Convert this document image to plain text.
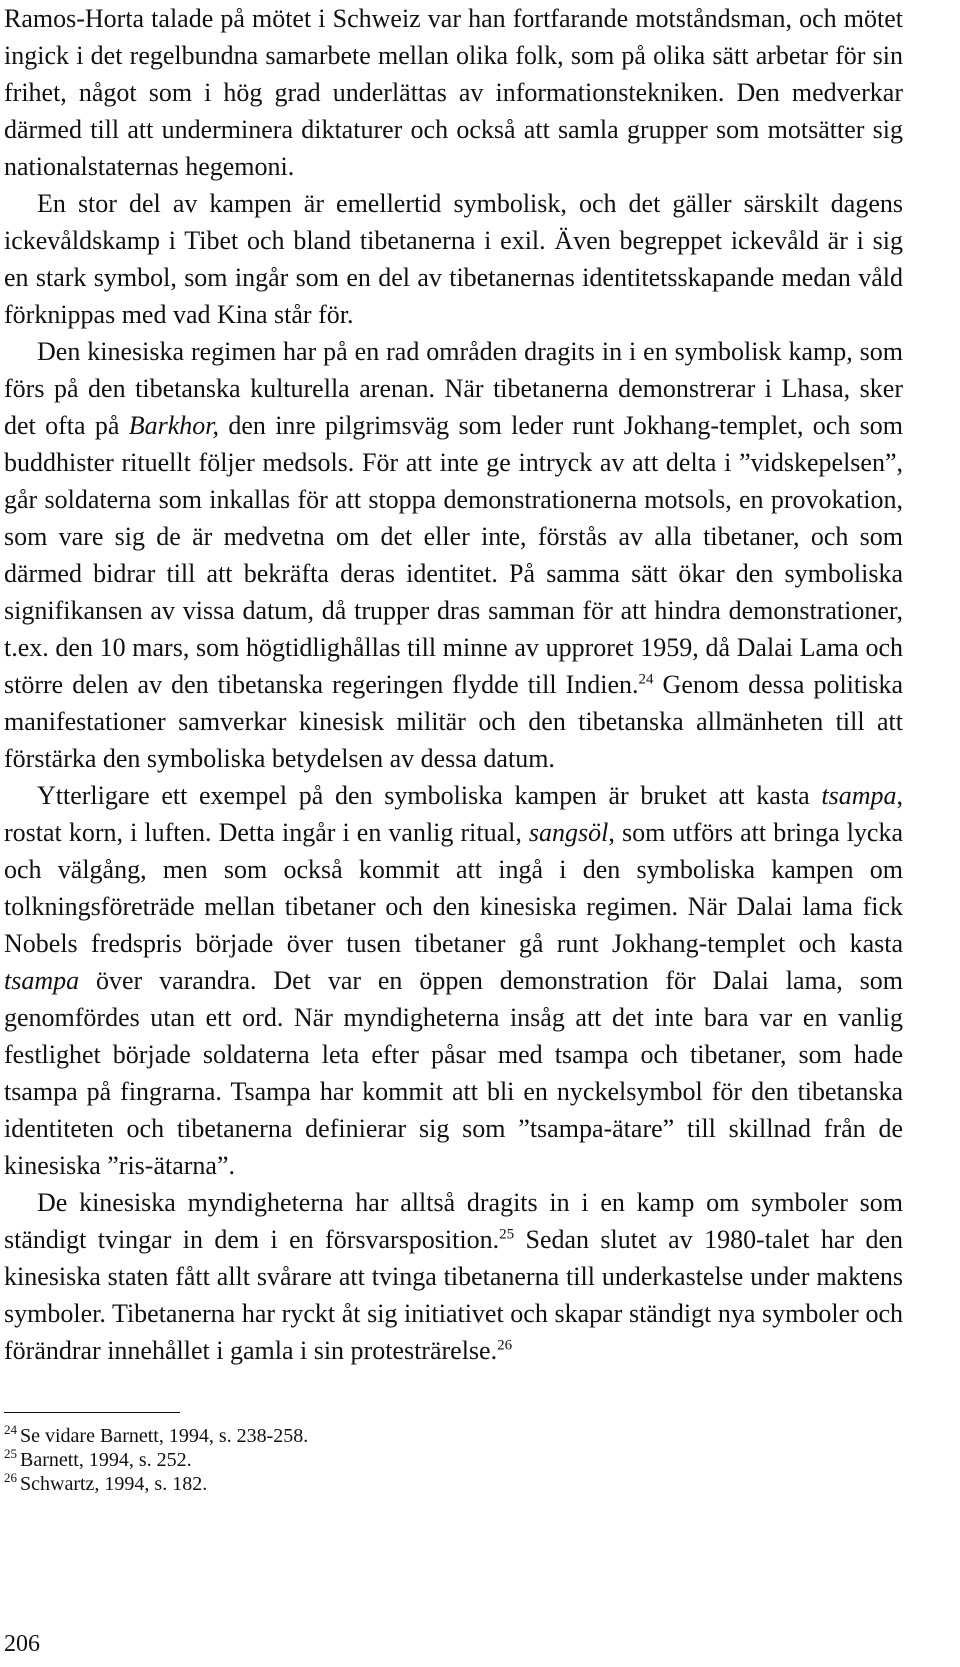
Ramos-Horta talade på mötet i Schweiz var han fortfarande motståndsman, och mötet ingick i det regelbundna samarbete mellan olika folk, som på olika sätt arbetar för sin frihet, något som i hög grad underlättas av informationstekniken. Den medverkar därmed till att underminera diktaturer och också att samla grupper som motsätter sig nationalstaternas hegemoni.

En stor del av kampen är emellertid symbolisk, och det gäller särskilt dagens ickevåldskamp i Tibet och bland tibetanerna i exil. Även begreppet ickevåld är i sig en stark symbol, som ingår som en del av tibetanernas identitetsskapande medan våld förknippas med vad Kina står för.

Den kinesiska regimen har på en rad områden dragits in i en symbolisk kamp, som förs på den tibetanska kulturella arenan. När tibetanerna demonstrerar i Lhasa, sker det ofta på Barkhor, den inre pilgrimsväg som leder runt Jokhang-templet, och som buddhister rituellt följer medsols. För att inte ge intryck av att delta i ”vidskepelsen”, går soldaterna som inkallas för att stoppa demonstrationerna motsols, en provokation, som vare sig de är medvetna om det eller inte, förstås av alla tibetaner, och som därmed bidrar till att bekräfta deras identitet. På samma sätt ökar den symboliska signifikansen av vissa datum, då trupper dras samman för att hindra demonstrationer, t.ex. den 10 mars, som högtidlighållas till minne av upproret 1959, då Dalai Lama och större delen av den tibetanska regeringen flydde till Indien.$^{24}$ Genom dessa politiska manifestationer samverkar kinesisk militär och den tibetanska allmänheten till att förstärka den symboliska betydelsen av dessa datum.

Ytterligare ett exempel på den symboliska kampen är bruket att kasta tsampa, rostat korn, i luften. Detta ingår i en vanlig ritual, sangsöl, som utförs att bringa lycka och välgång, men som också kommit att ingå i den symboliska kampen om tolkningsföreträde mellan tibetaner och den kinesiska regimen. När Dalai lama fick Nobels fredspris började över tusen tibetaner gå runt Jokhang-templet och kasta tsampa över varandra. Det var en öppen demonstration för Dalai lama, som genomfördes utan ett ord. När myndigheterna insåg att det inte bara var en vanlig festlighet började soldaterna leta efter påsar med tsampa och tibetaner, som hade tsampa på fingrarna. Tsampa har kommit att bli en nyckelsymbol för den tibetanska identiteten och tibetanerna definierar sig som ”tsampa-ätare” till skillnad från de kinesiska ”ris-ätarna”.

De kinesiska myndigheterna har alltså dragits in i en kamp om symboler som ständigt tvingar in dem i en försvarsposition.$^{25}$ Sedan slutet av 1980-talet har den kinesiska staten fått allt svårare att tvinga tibetanerna till underkastelse under maktens symboler. Tibetanerna har ryckt åt sig initiativet och skapar ständigt nya symboler och förändrar innehållet i gamla i sin protesträrelse.$^{26}$

$^{24}$ Se vidare Barnett, 1994, s. 238-258.

$^{25}$ Barnett, 1994, s. 252.

$^{26}$ Schwartz, 1994, s. 182.

206
